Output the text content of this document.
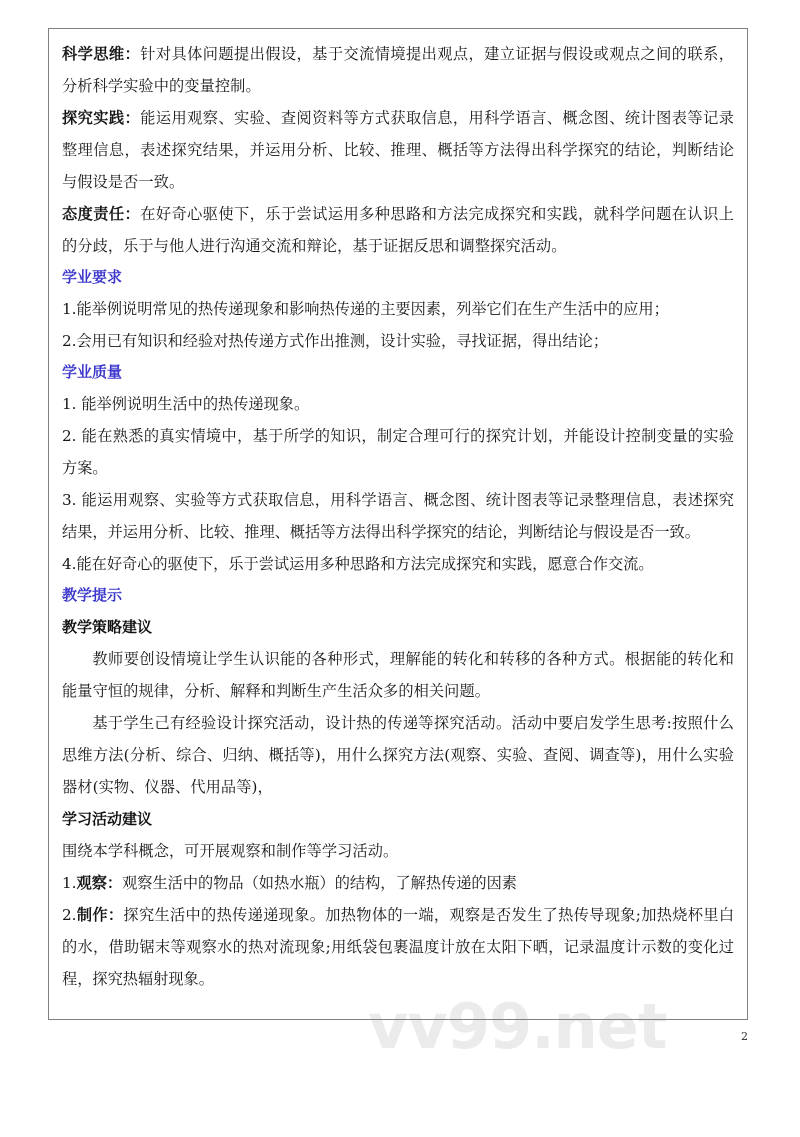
vv99.net

科学思维：针对具体问题提出假设，基于交流情境提出观点，建立证据与假设或观点之间的联系，分析科学实验中的变量控制。

探究实践：能运用观察、实验、查阅资料等方式获取信息，用科学语言、概念图、统计图表等记录整理信息，表述探究结果，并运用分析、比较、推理、概括等方法得出科学探究的结论，判断结论与假设是否一致。

态度责任：在好奇心驱使下，乐于尝试运用多种思路和方法完成探究和实践，就科学问题在认识上的分歧，乐于与他人进行沟通交流和辩论，基于证据反思和调整探究活动。

学业要求

1.能举例说明常见的热传递现象和影响热传递的主要因素，列举它们在生产生活中的应用；

2.会用已有知识和经验对热传递方式作出推测，设计实验，寻找证据，得出结论；

学业质量

1. 能举例说明生活中的热传递现象。

2. 能在熟悉的真实情境中，基于所学的知识，制定合理可行的探究计划，并能设计控制变量的实验方案。

3. 能运用观察、实验等方式获取信息，用科学语言、概念图、统计图表等记录整理信息，表述探究结果，并运用分析、比较、推理、概括等方法得出科学探究的结论，判断结论与假设是否一致。

4.能在好奇心的驱使下，乐于尝试运用多种思路和方法完成探究和实践，愿意合作交流。

教学提示

教学策略建议

教师要创设情境让学生认识能的各种形式，理解能的转化和转移的各种方式。根据能的转化和能量守恒的规律，分析、解释和判断生产生活众多的相关问题。

基于学生己有经验设计探究活动，设计热的传递等探究活动。活动中要启发学生思考:按照什么思维方法(分析、综合、归纳、概括等)，用什么探究方法(观察、实验、查阅、调查等)，用什么实验器材(实物、仪器、代用品等)，

学习活动建议

围绕本学科概念，可开展观察和制作等学习活动。

1.观察：观察生活中的物品（如热水瓶）的结构，了解热传递的因素

2.制作：探究生活中的热传递递现象。加热物体的一端，观察是否发生了热传导现象;加热烧杯里白的水，借助锯末等观察水的热对流现象;用纸袋包裹温度计放在太阳下晒，记录温度计示数的变化过程，探究热辐射现象。

2
